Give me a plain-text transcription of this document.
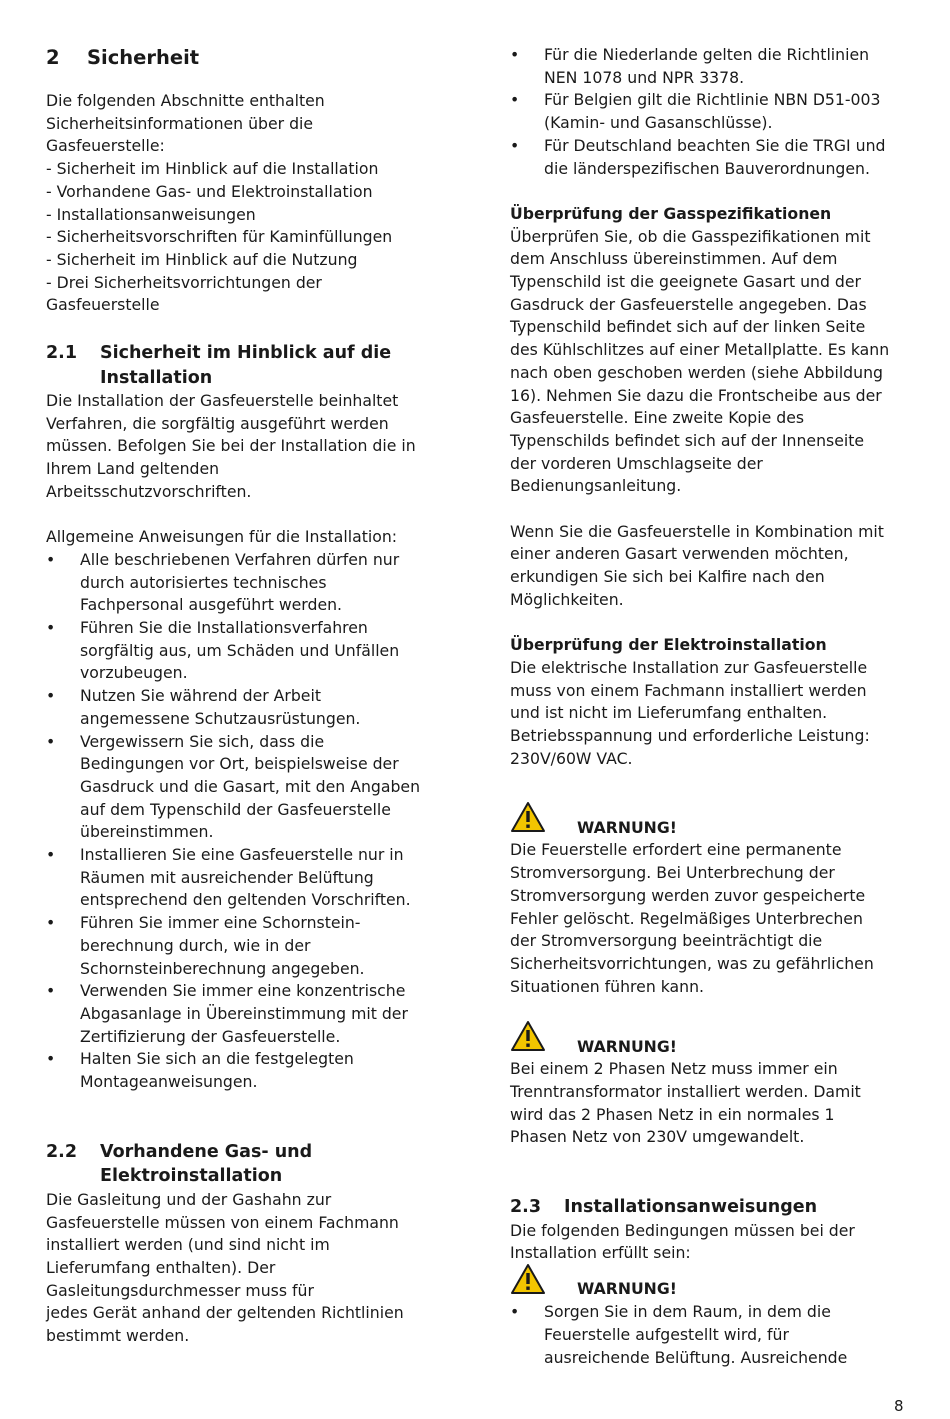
2	Sicherheit

Die folgenden Abschnitte enthalten

Sicherheitsinformationen über die

Gasfeuerstelle:

- Sicherheit im Hinblick auf die Installation

- Vorhandene Gas- und Elektroinstallation

- Installationsanweisungen

- Sicherheitsvorschriften für Kaminfüllungen

- Sicherheit im Hinblick auf die Nutzung

- Drei Sicherheitsvorrichtungen der

Gasfeuerstelle

2.1	Sicherheit im Hinblick auf die
Installation

Die Installation der Gasfeuerstelle beinhaltet

Verfahren, die sorgfältig ausgeführt werden

müssen. Befolgen Sie bei der Installation die in

Ihrem Land geltenden

Arbeitsschutzvorschriften.

Allgemeine Anweisungen für die Installation:

• Alle beschriebenen Verfahren dürfen nur
durch autorisiertes technisches
Fachpersonal ausgeführt werden.
• Führen Sie die Installationsverfahren
sorgfältig aus, um Schäden und Unfällen
vorzubeugen.
• Nutzen Sie während der Arbeit
angemessene Schutzausrüstungen.
• Vergewissern Sie sich, dass die
Bedingungen vor Ort, beispielsweise der
Gasdruck und die Gasart, mit den Angaben
auf dem Typenschild der Gasfeuerstelle
übereinstimmen.
• Installieren Sie eine Gasfeuerstelle nur in
Räumen mit ausreichender Belüftung
entsprechend den geltenden Vorschriften.
• Führen Sie immer eine Schornstein-
berechnung durch, wie in der
Schornsteinberechnung angegeben.
• Verwenden Sie immer eine konzentrische
Abgasanlage in Übereinstimmung mit der
Zertifizierung der Gasfeuerstelle.
• Halten Sie sich an die festgelegten
Montageanweisungen.
2.2	Vorhandene Gas- und
Elektroinstallation

Die Gasleitung und der Gashahn zur

Gasfeuerstelle müssen von einem Fachmann

installiert werden (und sind nicht im

Lieferumfang enthalten). Der

Gasleitungsdurchmesser muss für

jedes Gerät anhand der geltenden Richtlinien

bestimmt werden.

• Für die Niederlande gelten die Richtlinien
NEN 1078 und NPR 3378.
• Für Belgien gilt die Richtlinie NBN D51-003
(Kamin- und Gasanschlüsse).
• Für Deutschland beachten Sie die TRGI und
die länderspezifischen Bauverordnungen.

Überprüfung der Gasspezifikationen

Überprüfen Sie, ob die Gasspezifikationen mit

dem Anschluss übereinstimmen. Auf dem

Typenschild ist die geeignete Gasart und der

Gasdruck der Gasfeuerstelle angegeben. Das

Typenschild befindet sich auf der linken Seite

des Kühlschlitzes auf einer Metallplatte. Es kann

nach oben geschoben werden (siehe Abbildung

16). Nehmen Sie dazu die Frontscheibe aus der

Gasfeuerstelle. Eine zweite Kopie des

Typenschilds befindet sich auf der Innenseite

der vorderen Umschlagseite der

Bedienungsanleitung.

Wenn Sie die Gasfeuerstelle in Kombination mit

einer anderen Gasart verwenden möchten,

erkundigen Sie sich bei Kalfire nach den

Möglichkeiten.

Überprüfung der Elektroinstallation

Die elektrische Installation zur Gasfeuerstelle

muss von einem Fachmann installiert werden

und ist nicht im Lieferumfang enthalten.

Betriebsspannung und erforderliche Leistung:

230V/60W VAC.

WARNUNG!

Die Feuerstelle erfordert eine permanente

Stromversorgung. Bei Unterbrechung der

Stromversorgung werden zuvor gespeicherte

Fehler gelöscht. Regelmäßiges Unterbrechen

der Stromversorgung beeinträchtigt die

Sicherheitsvorrichtungen, was zu gefährlichen

Situationen führen kann.

WARNUNG!

Bei einem 2 Phasen Netz muss immer ein

Trenntransformator installiert werden. Damit

wird das 2 Phasen Netz in ein normales 1

Phasen Netz von 230V umgewandelt.

2.3	Installationsanweisungen

Die folgenden Bedingungen müssen bei der

Installation erfüllt sein:

WARNUNG!
• Sorgen Sie in dem Raum, in dem die
Feuerstelle aufgestellt wird, für
ausreichende Belüftung. Ausreichende
8
